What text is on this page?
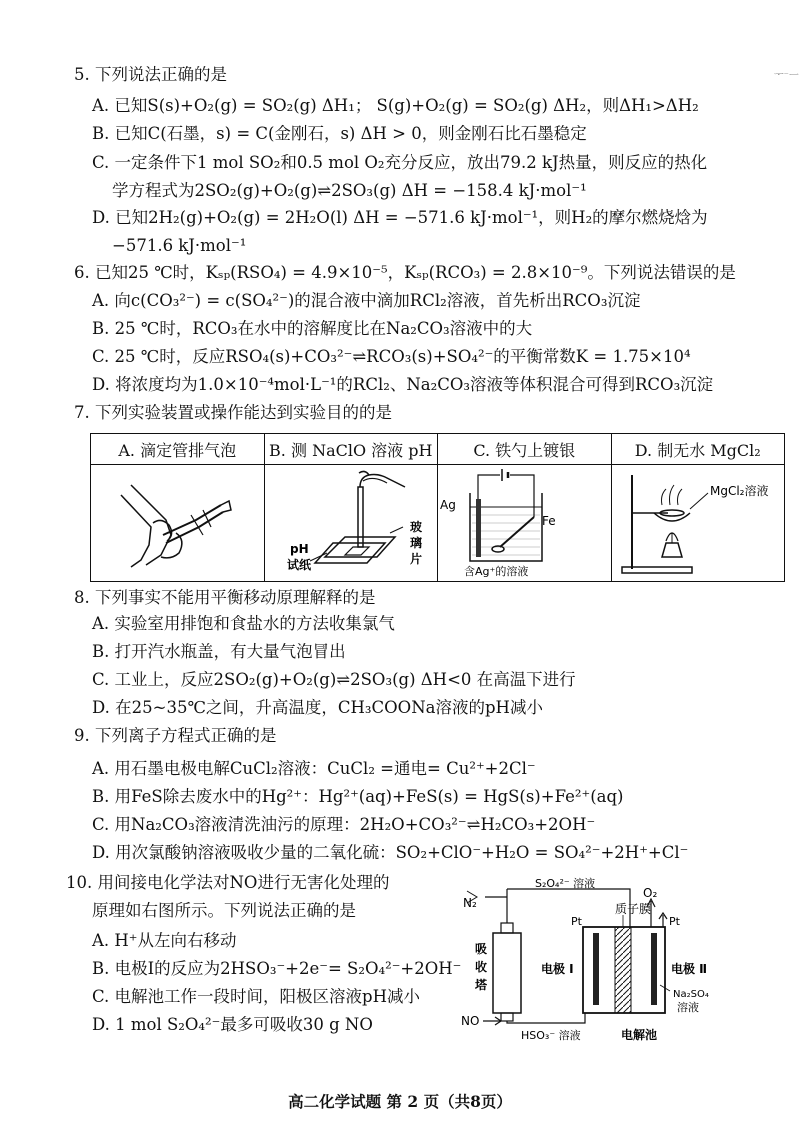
ᅮ⁻ᅳ
5. 下列说法正确的是
A. 已知S(s)+O₂(g) = SO₂(g) ΔH₁； S(g)+O₂(g) = SO₂(g) ΔH₂，则ΔH₁>ΔH₂
B. 已知C(石墨，s) = C(金刚石，s) ΔH > 0，则金刚石比石墨稳定
C. 一定条件下1 mol SO₂和0.5 mol O₂充分反应，放出79.2 kJ热量，则反应的热化
学方程式为2SO₂(g)+O₂(g)⇌2SO₃(g) ΔH = −158.4 kJ·mol⁻¹
D. 已知2H₂(g)+O₂(g) = 2H₂O(l) ΔH = −571.6 kJ·mol⁻¹，则H₂的摩尔燃烧焓为
−571.6 kJ·mol⁻¹
6. 已知25 ℃时，Kₛₚ(RSO₄) = 4.9×10⁻⁵，Kₛₚ(RCO₃) = 2.8×10⁻⁹。下列说法错误的是
A. 向c(CO₃²⁻) = c(SO₄²⁻)的混合液中滴加RCl₂溶液，首先析出RCO₃沉淀
B. 25 ℃时，RCO₃在水中的溶解度比在Na₂CO₃溶液中的大
C. 25 ℃时，反应RSO₄(s)+CO₃²⁻⇌RCO₃(s)+SO₄²⁻的平衡常数K = 1.75×10⁴
D. 将浓度均为1.0×10⁻⁴mol·L⁻¹的RCl₂、Na₂CO₃溶液等体积混合可得到RCO₃沉淀
7. 下列实验装置或操作能达到实验目的的是
A. 滴定管排气泡	B. 测 NaClO 溶液 pH	C. 铁勺上镀银	D. 制无水 MgCl₂

pH
试纸
玻
璃
片	Ag
Fe
含Ag⁺的溶液	MgCl₂溶液
8. 下列事实不能用平衡移动原理解释的是
A. 实验室用排饱和食盐水的方法收集氯气
B. 打开汽水瓶盖，有大量气泡冒出
C. 工业上，反应2SO₂(g)+O₂(g)⇌2SO₃(g) ΔH<0 在高温下进行
D. 在25~35℃之间，升高温度，CH₃COONa溶液的pH减小
9. 下列离子方程式正确的是
A. 用石墨电极电解CuCl₂溶液：CuCl₂ =通电= Cu²⁺+2Cl⁻
B. 用FeS除去废水中的Hg²⁺：Hg²⁺(aq)+FeS(s) = HgS(s)+Fe²⁺(aq)
C. 用Na₂CO₃溶液清洗油污的原理：2H₂O+CO₃²⁻⇌H₂CO₃+2OH⁻
D. 用次氯酸钠溶液吸收少量的二氧化硫：SO₂+ClO⁻+H₂O = SO₄²⁻+2H⁺+Cl⁻
10. 用间接电化学法对NO进行无害化处理的
原理如右图所示。下列说法正确的是
A. H⁺从左向右移动
B. 电极Ⅰ的反应为2HSO₃⁻+2e⁻= S₂O₄²⁻+2OH⁻
C. 电解池工作一段时间，阳极区溶液pH减小
D. 1 mol S₂O₄²⁻最多可吸收30 g NO
N₂
S₂O₄²⁻ 溶液
O₂
质子膜
Pt	Pt
吸
收
塔
电极 Ⅰ	电极 Ⅱ
Na₂SO₄
溶液
NO
HSO₃⁻ 溶液	电解池
高二化学试题 第 2 页（共8页）
